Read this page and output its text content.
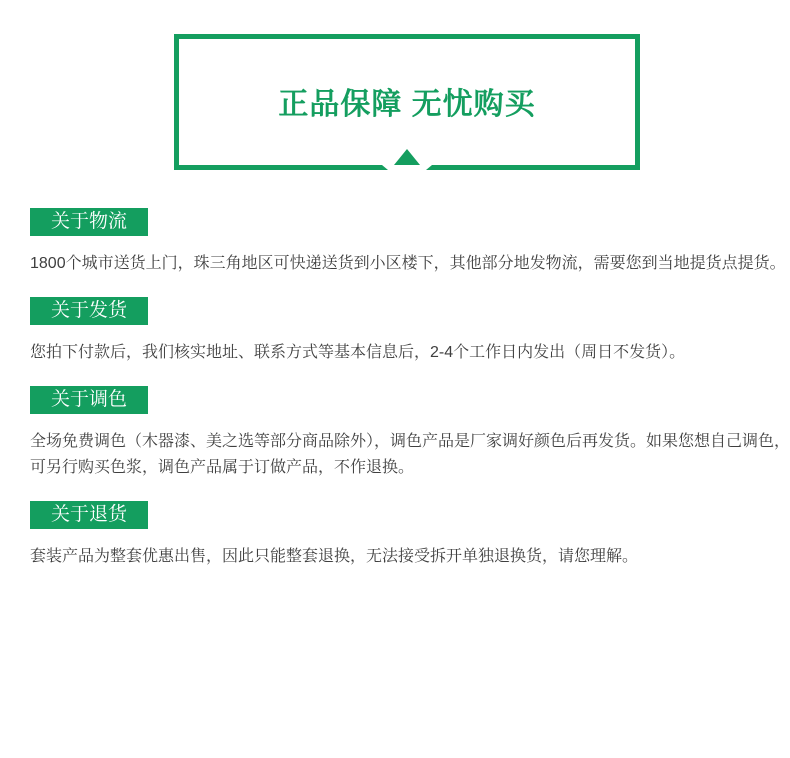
正品保障 无忧购买
关于物流
1800个城市送货上门，珠三角地区可快递送货到小区楼下，其他部分地发物流，需要您到当地提货点提货。
关于发货
您拍下付款后，我们核实地址、联系方式等基本信息后，2-4个工作日内发出（周日不发货）。
关于调色
全场免费调色（木器漆、美之选等部分商品除外），调色产品是厂家调好颜色后再发货。如果您想自己调色，
可另行购买色浆，调色产品属于订做产品，不作退换。
关于退货
套装产品为整套优惠出售，因此只能整套退换，无法接受拆开单独退换货，请您理解。
